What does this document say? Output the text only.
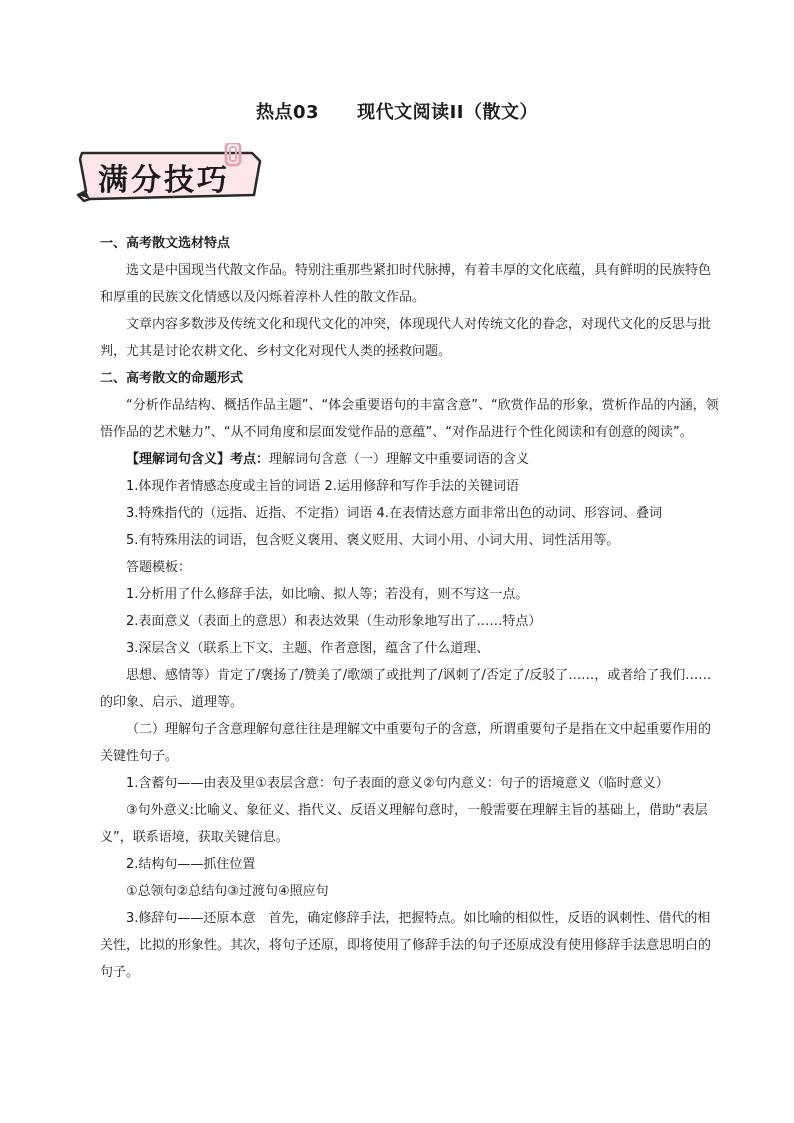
热点03 现代文阅读II（散文）
满分技巧

一、高考散文选材特点

选文是中国现当代散文作品。特别注重那些紧扣时代脉搏，有着丰厚的文化底蕴，具有鲜明的民族特色和厚重的民族文化情感以及闪烁着淳朴人性的散文作品。

文章内容多数涉及传统文化和现代文化的冲突，体现现代人对传统文化的眷念，对现代文化的反思与批判，尤其是讨论农耕文化、乡村文化对现代人类的拯救问题。

二、高考散文的命题形式

“分析作品结构、概括作品主题”、“体会重要语句的丰富含意”、“欣赏作品的形象，赏析作品的内涵，领悟作品的艺术魅力”、“从不同角度和层面发觉作品的意蕴”、“对作品进行个性化阅读和有创意的阅读”。

【理解词句含义】考点：理解词句含意（一）理解文中重要词语的含义

1.体现作者情感态度或主旨的词语 2.运用修辞和写作手法的关键词语

3.特殊指代的（远指、近指、不定指）词语 4.在表情达意方面非常出色的动词、形容词、叠词

5.有特殊用法的词语，包含贬义褒用、褒义贬用、大词小用、小词大用、词性活用等。

答题模板：

1.分析用了什么修辞手法，如比喻、拟人等；若没有，则不写这一点。

2.表面意义（表面上的意思）和表达效果（生动形象地写出了……特点）

3.深层含义（联系上下文、主题、作者意图，蕴含了什么道理、

思想、感情等）肯定了/褒扬了/赞美了/歌颂了或批判了/讽刺了/否定了/反驳了……，或者给了我们……的印象、启示、道理等。

（二）理解句子含意理解句意往往是理解文中重要句子的含意，所谓重要句子是指在文中起重要作用的关键性句子。

1.含蓄句——由表及里①表层含意：句子表面的意义②句内意义：句子的语境意义（临时意义）

③句外意义:比喻义、象征义、指代义、反语义理解句意时，一般需要在理解主旨的基础上，借助“表层义”，联系语境，获取关键信息。

2.结构句——抓住位置

①总领句②总结句③过渡句④照应句

3.修辞句——还原本意　首先，确定修辞手法，把握特点。如比喻的相似性，反语的讽刺性、借代的相关性，比拟的形象性。其次，将句子还原，即将使用了修辞手法的句子还原成没有使用修辞手法意思明白的句子。
